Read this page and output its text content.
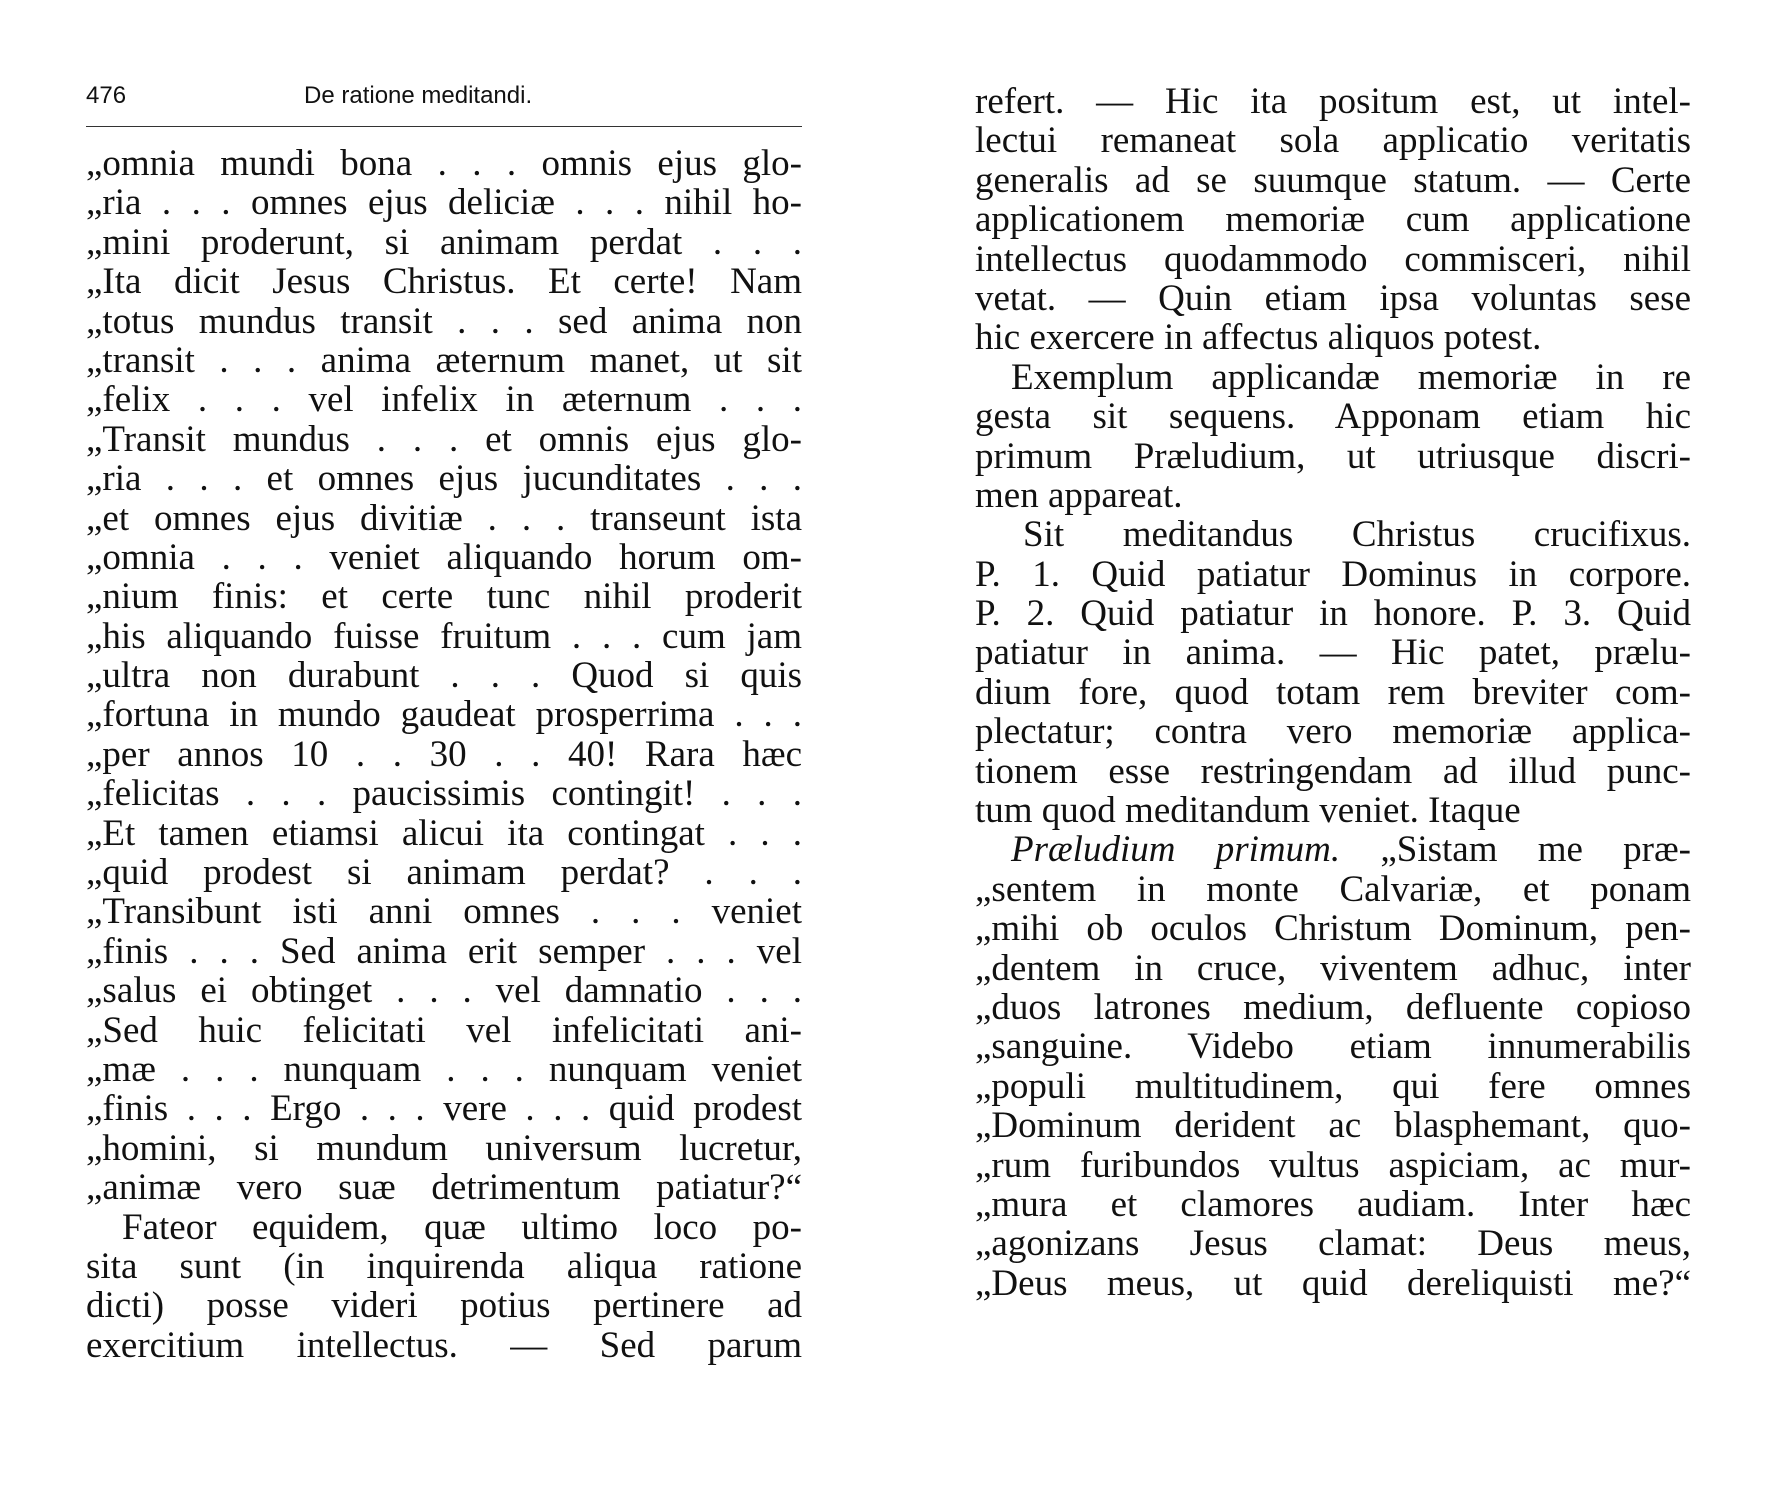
476	De ratione meditandi.
„omnia mundi bona . . . omnis ejus glo-
„ria . . . omnes ejus deliciæ . . . nihil ho-
„mini proderunt, si animam perdat . . .
„Ita dicit Jesus Christus. Et certe! Nam
„totus mundus transit . . . sed anima non
„transit . . . anima æternum manet, ut sit
„felix . . . vel infelix in æternum . . .
„Transit mundus . . . et omnis ejus glo-
„ria . . . et omnes ejus jucunditates . . .
„et omnes ejus divitiæ . . . transeunt ista
„omnia . . . veniet aliquando horum om-
„nium finis: et certe tunc nihil proderit
„his aliquando fuisse fruitum . . . cum jam
„ultra non durabunt . . . Quod si quis
„fortuna in mundo gaudeat prosperrima . . .
„per annos 10 . . 30 . . 40! Rara hæc
„felicitas . . . paucissimis contingit! . . .
„Et tamen etiamsi alicui ita contingat . . .
„quid prodest si animam perdat? . . .
„Transibunt isti anni omnes . . . veniet
„finis . . . Sed anima erit semper . . . vel
„salus ei obtinget . . . vel damnatio . . .
„Sed huic felicitati vel infelicitati ani-
„mæ . . . nunquam . . . nunquam veniet
„finis . . . Ergo . . . vere . . . quid prodest
„homini, si mundum universum lucretur,
„animæ vero suæ detrimentum patiatur?“
Fateor equidem, quæ ultimo loco po-
sita sunt (in inquirenda aliqua ratione
dicti) posse videri potius pertinere ad
exercitium intellectus. — Sed parum
refert. — Hic ita positum est, ut intel-
lectui remaneat sola applicatio veritatis
generalis ad se suumque statum. — Certe
applicationem memoriæ cum applicatione
intellectus quodammodo commisceri, nihil
vetat. — Quin etiam ipsa voluntas sese
hic exercere in affectus aliquos potest.
Exemplum applicandæ memoriæ in re
gesta sit sequens. Apponam etiam hic
primum Præludium, ut utriusque discri-
men appareat.
Sit meditandus Christus crucifixus.
P. 1. Quid patiatur Dominus in corpore.
P. 2. Quid patiatur in honore. P. 3. Quid
patiatur in anima. — Hic patet, prælu-
dium fore, quod totam rem breviter com-
plectatur; contra vero memoriæ applica-
tionem esse restringendam ad illud punc-
tum quod meditandum veniet. Itaque
Præludium primum. „Sistam me præ-
„sentem in monte Calvariæ, et ponam
„mihi ob oculos Christum Dominum, pen-
„dentem in cruce, viventem adhuc, inter
„duos latrones medium, defluente copioso
„sanguine. Videbo etiam innumerabilis
„populi multitudinem, qui fere omnes
„Dominum derident ac blasphemant, quo-
„rum furibundos vultus aspiciam, ac mur-
„mura et clamores audiam. Inter hæc
„agonizans Jesus clamat: Deus meus,
„Deus meus, ut quid dereliquisti me?“
